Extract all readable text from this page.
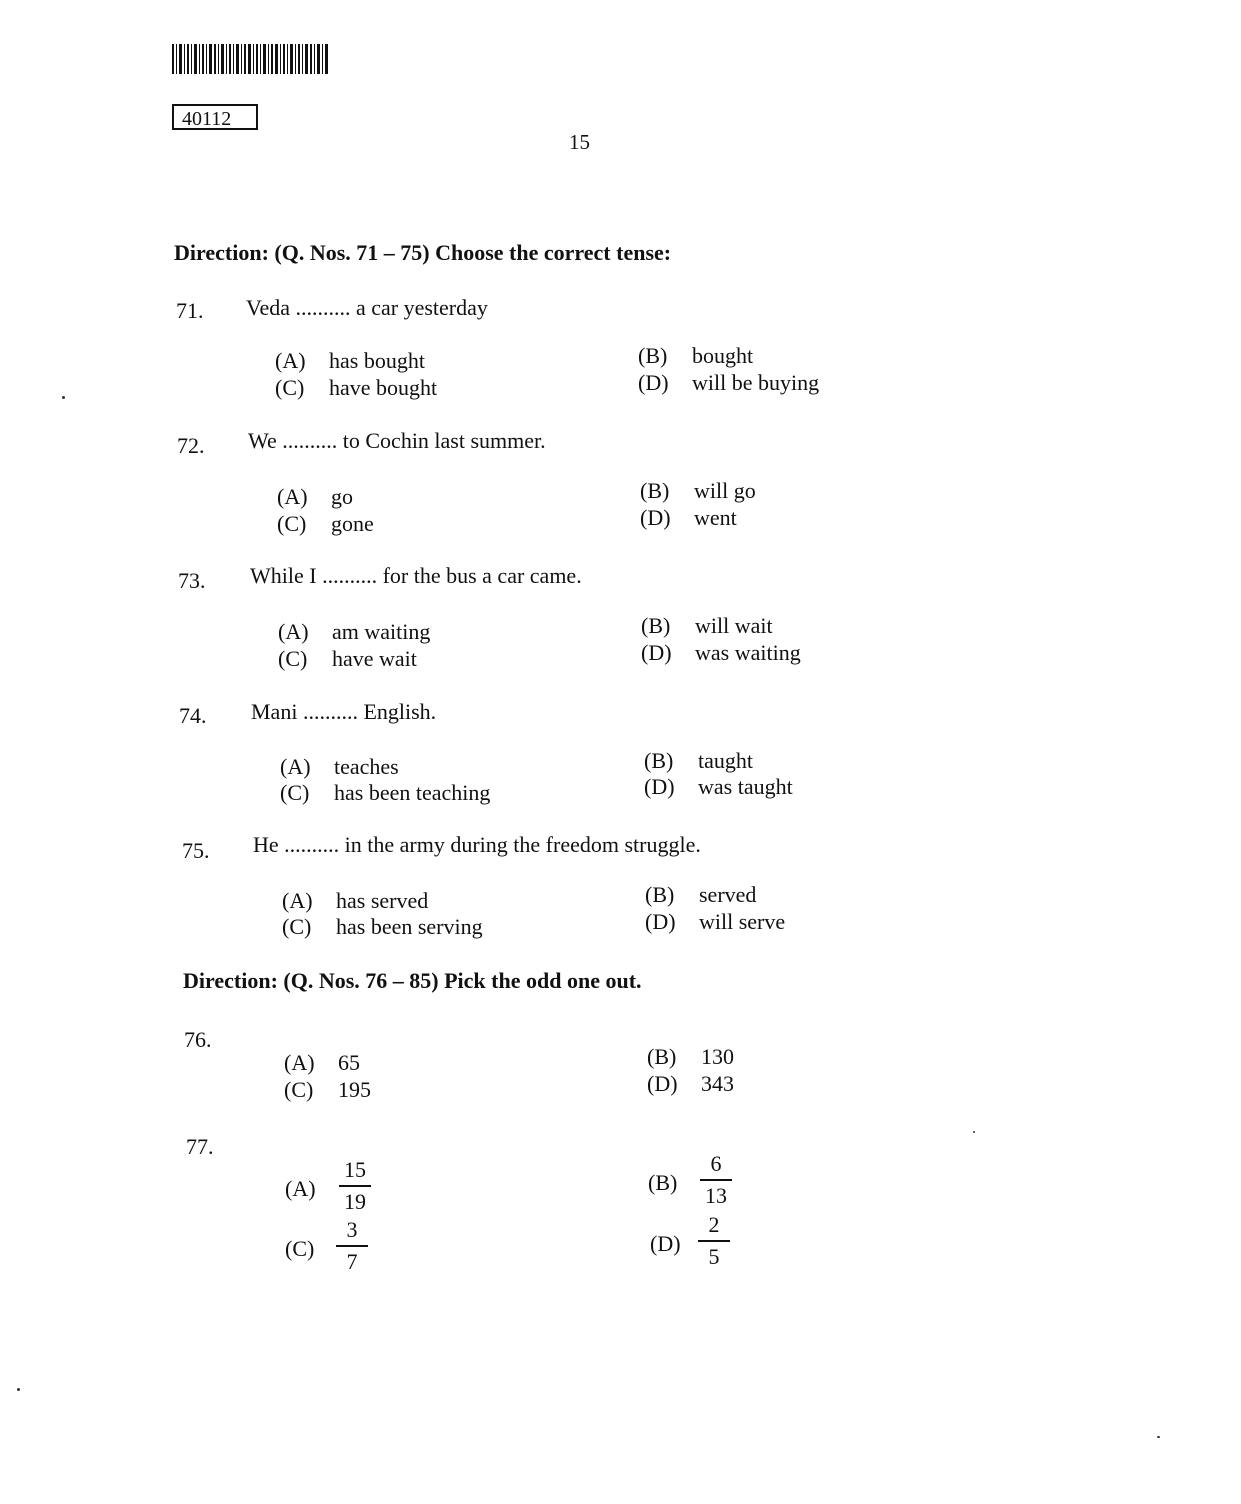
40112
15
Direction: (Q. Nos. 71 – 75) Choose the correct tense:
71. Veda .......... a car yesterday
(A) has bought
(C) have bought
(B) bought
(D) will be buying
72. We .......... to Cochin last summer.
(A) go
(C) gone
(B) will go
(D) went
73. While I .......... for the bus a car came.
(A) am waiting
(C) have wait
(B) will wait
(D) was waiting
74. Mani .......... English.
(A) teaches
(C) has been teaching
(B) taught
(D) was taught
75. He .......... in the army during the freedom struggle.
(A) has served
(C) has been serving
(B) served
(D) will serve
Direction: (Q. Nos. 76 – 85) Pick the odd one out.
76.
(A) 65
(C) 195
(B) 130
(D) 343
77.
(A)
15
19
(C)
3
7
(B)
6
13
(D)
2
5
